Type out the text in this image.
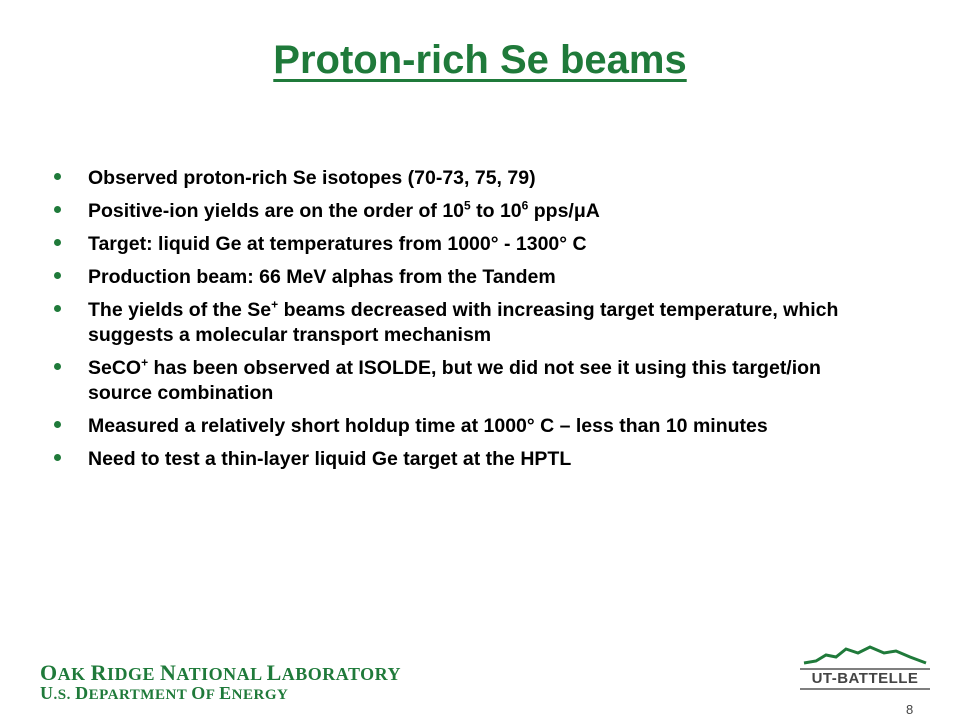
Proton-rich Se beams
Observed proton-rich Se isotopes (70-73, 75, 79)
Positive-ion yields are on the order of $10^5$ to $10^6$ pps/μA
Target: liquid Ge at temperatures from 1000° - 1300° C
Production beam: 66 MeV alphas from the Tandem
The yields of the Se+ beams decreased with increasing target temperature, which suggests a molecular transport mechanism
SeCO+ has been observed at ISOLDE, but we did not see it using this target/ion source combination
Measured a relatively short holdup time at 1000° C – less than 10 minutes
Need to test a thin-layer liquid Ge target at the HPTL
OAK RIDGE NATIONAL LABORATORY
U.S. DEPARTMENT OF ENERGY
UT-BATTELLE
8
